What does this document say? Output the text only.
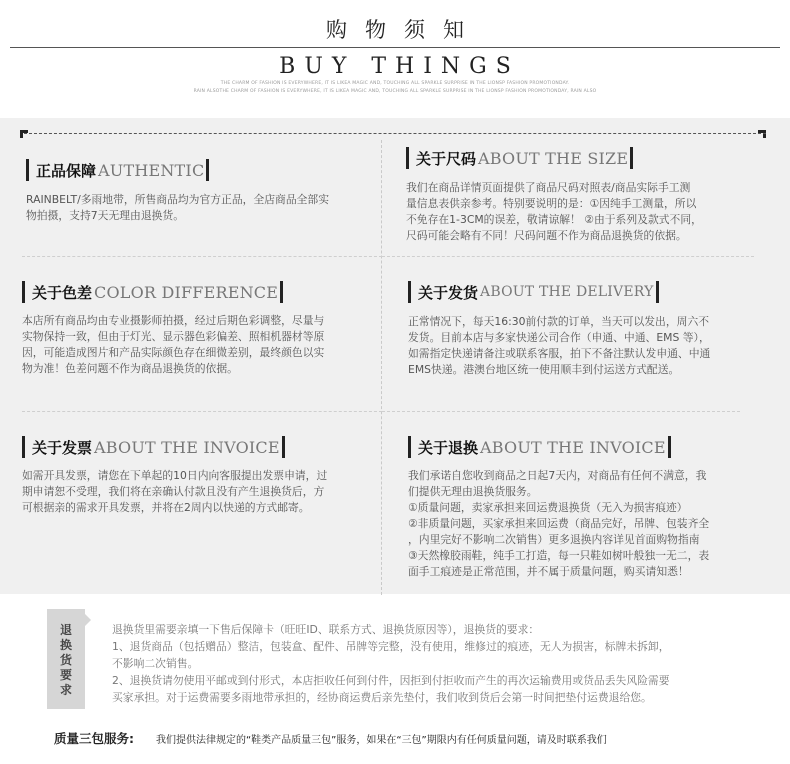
购物须知
BUY THINGS
THE CHARM OF FASHION IS EVERYWHERE, IT IS LIKEA MAGIC AND, TOUCHING ALL SPARKLE SURPRISE IN THE LIONSP FASHION PROMOTIONDAY.
RAIN ALSOTHE CHARM OF FASHION IS EVERYWHERE, IT IS LIKEA MAGIC AND, TOUCHING ALL SPARKLE SURPRISE IN THE LIONSP FASHION PROMOTIONDAY, RAIN ALSO
正品保障 AUTHENTIC

RAINBELT/多雨地带，所售商品均为官方正品，全店商品全部实

物拍摄，支持7天无理由退换货。

关于尺码 ABOUT THE SIZE

我们在商品详情页面提供了商品尺码对照表/商品实际手工测

量信息表供亲参考。特别要说明的是：①因纯手工测量，所以

不免存在1-3CM的误差，敬请谅解！ ②由于系列及款式不同，

尺码可能会略有不同！尺码问题不作为商品退换货的依据。

关于色差 COLOR DIFFERENCE

本店所有商品均由专业摄影师拍摄，经过后期色彩调整，尽量与

实物保持一致，但由于灯光、显示器色彩偏差、照相机器材等原

因，可能造成图片和产品实际颜色存在细微差别，最终颜色以实

物为准！色差问题不作为商品退换货的依据。

关于发货 ABOUT THE DELIVERY

正常情况下，每天16:30前付款的订单，当天可以发出，周六不

发货。目前本店与多家快递公司合作（申通、中通、EMS 等），

如需指定快递请备注或联系客服，拍下不备注默认发申通、中通

EMS快递。港澳台地区统一使用顺丰到付运送方式配送。

关于发票 ABOUT THE INVOICE

如需开具发票，请您在下单起的10日内向客服提出发票申请，过

期申请恕不受理，我们将在亲确认付款且没有产生退换货后，方

可根据亲的需求开具发票，并将在2周内以快递的方式邮寄。

关于退换 ABOUT THE INVOICE

我们承诺自您收到商品之日起7天内，对商品有任何不满意，我

们提供无理由退换货服务。

①质量问题，卖家承担来回运费退换货（无入为损害痕迹）

②非质量问题，买家承担来回运费（商品完好，吊牌、包装齐全

，内里完好不影响二次销售）更多退换内容详见首面购物指南

③天然橡胶雨鞋，纯手工打造，每一只鞋如树叶般独一无二，表

面手工痕迹是正常范围，并不属于质量问题，购买请知悉！

退
换
货
要
求

退换货里需要亲填一下售后保障卡（旺旺ID、联系方式、退换货原因等），退换货的要求：

1、退货商品（包括赠品）整洁，包装盒、配件、吊牌等完整，没有使用，维修过的痕迹，无人为损害，标牌未拆卸，

不影响二次销售。

2、退换货请勿使用平邮或到付形式，本店拒收任何到付件，因拒到付拒收而产生的再次运输费用或货品丢失风险需要

买家承担。对于运费需要多雨地带承担的，经协商运费后亲先垫付，我们收到货后会第一时间把垫付运费退给您。

质量三包服务: 我们提供法律规定的“鞋类产品质量三包”服务，如果在“三包”期限内有任何质量问题，请及时联系我们
